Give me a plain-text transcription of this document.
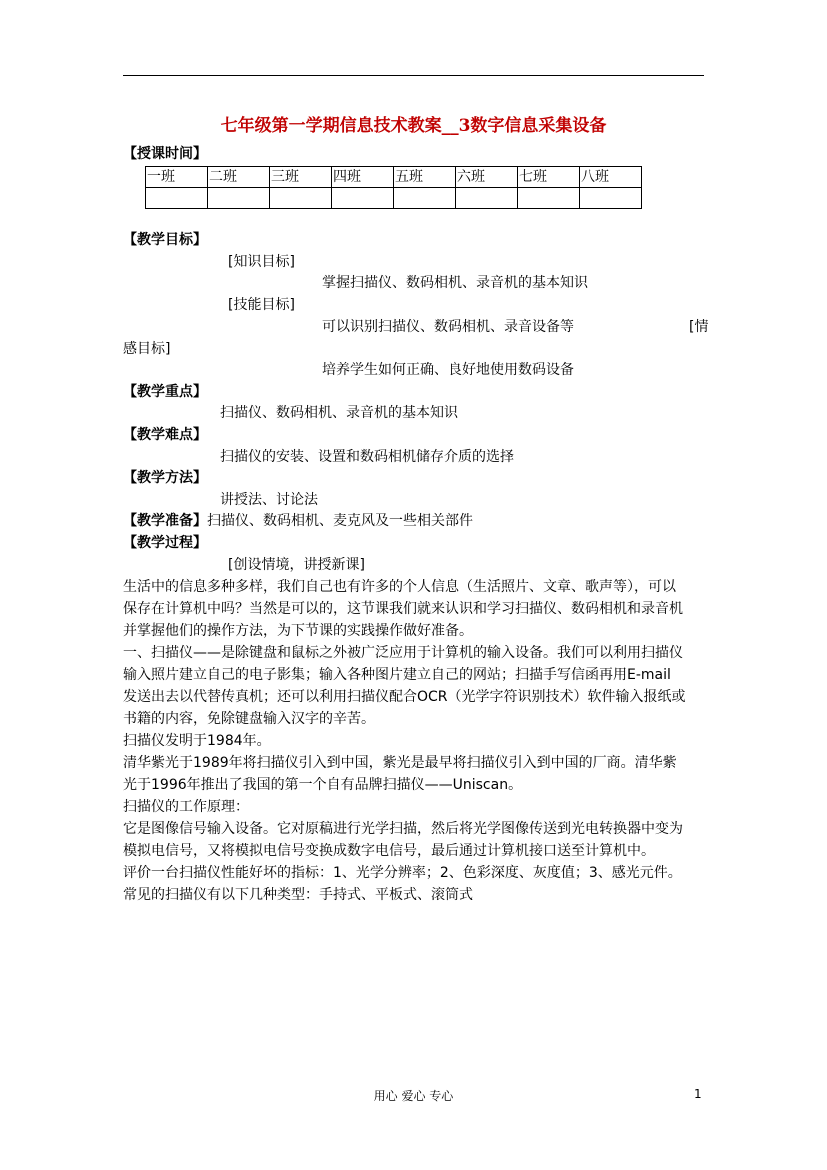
七年级第一学期信息技术教案__3数字信息采集设备
【授课时间】
一班	二班	三班	四班	五班	六班	七班	八班

【教学目标】
[知识目标]
掌握扫描仪、数码相机、录音机的基本知识
[技能目标]
可以识别扫描仪、数码相机、录音设备等	[情
感目标]
培养学生如何正确、良好地使用数码设备
【教学重点】
扫描仪、数码相机、录音机的基本知识
【教学难点】
扫描仪的安装、设置和数码相机储存介质的选择
【教学方法】
讲授法、讨论法
【教学准备】扫描仪、数码相机、麦克风及一些相关部件
【教学过程】
[创设情境，讲授新课]
生活中的信息多种多样，我们自己也有许多的个人信息（生活照片、文章、歌声等），可以
保存在计算机中吗？当然是可以的，这节课我们就来认识和学习扫描仪、数码相机和录音机
并掌握他们的操作方法，为下节课的实践操作做好准备。
一、扫描仪——是除键盘和鼠标之外被广泛应用于计算机的输入设备。我们可以利用扫描仪
输入照片建立自己的电子影集；输入各种图片建立自己的网站；扫描手写信函再用E-mail
发送出去以代替传真机；还可以利用扫描仪配合OCR（光学字符识别技术）软件输入报纸或
书籍的内容，免除键盘输入汉字的辛苦。
扫描仪发明于1984年。
清华紫光于1989年将扫描仪引入到中国，紫光是最早将扫描仪引入到中国的厂商。清华紫
光于1996年推出了我国的第一个自有品牌扫描仪——Uniscan。
扫描仪的工作原理：
它是图像信号输入设备。它对原稿进行光学扫描，然后将光学图像传送到光电转换器中变为
模拟电信号，又将模拟电信号变换成数字电信号，最后通过计算机接口送至计算机中。
评价一台扫描仪性能好坏的指标：1、光学分辨率；2、色彩深度、灰度值；3、感光元件。
常见的扫描仪有以下几种类型：手持式、平板式、滚筒式
用心 爱心 专心	1
